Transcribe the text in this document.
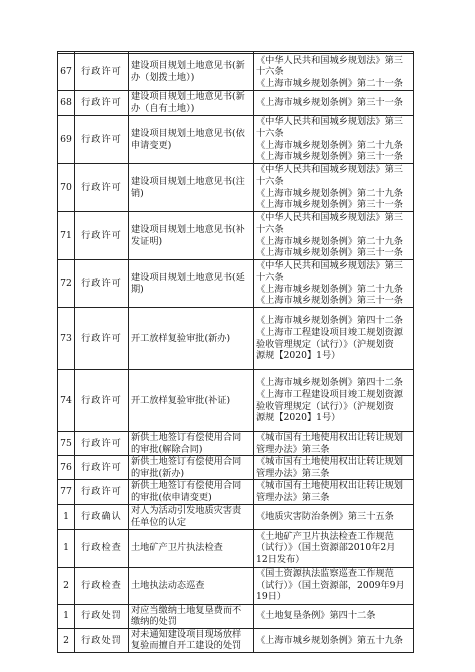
67	行政许可	建设项目规划土地意见书(新
办（划拨土地）)	《中华人民共和国城乡规划法》第三
十六条
《上海市城乡规划条例》第二十一条

68	行政许可	建设项目规划土地意见书(新
办（自有土地）)	《上海市城乡规划条例》第三十一条

69	行政许可	建设项目规划土地意见书(依
申请变更)	《中华人民共和国城乡规划法》第三
十六条
《上海市城乡规划条例》第二十九条
《上海市城乡规划条例》第三十一条

70	行政许可	建设项目规划土地意见书(注
销)	《中华人民共和国城乡规划法》第三
十六条
《上海市城乡规划条例》第二十九条
《上海市城乡规划条例》第三十一条

71	行政许可	建设项目规划土地意见书(补
发证明)	《中华人民共和国城乡规划法》第三
十六条
《上海市城乡规划条例》第二十九条
《上海市城乡规划条例》第三十一条

72	行政许可	建设项目规划土地意见书(延
期)	《中华人民共和国城乡规划法》第三
十六条
《上海市城乡规划条例》第二十九条
《上海市城乡规划条例》第三十一条

73	行政许可	开工放样复验审批(新办)	《上海市城乡规划条例》第四十二条
《上海市工程建设项目竣工规划资源
验收管理规定（试行）》（沪规划资
源规【2020】1号）

74	行政许可	开工放样复验审批(补证)	《上海市城乡规划条例》第四十二条
《上海市工程建设项目竣工规划资源
验收管理规定（试行）》（沪规划资
源规【2020】1号）

75	行政许可	新供土地签订有偿使用合同
的审批(解除合同)	《城市国有土地使用权出让转让规划
管理办法》第三条

76	行政许可	新供土地签订有偿使用合同
的审批(新办)	《城市国有土地使用权出让转让规划
管理办法》第三条

77	行政许可	新供土地签订有偿使用合同
的审批(依申请变更)	《城市国有土地使用权出让转让规划
管理办法》第三条

1	行政确认	对人为活动引发地质灾害责
任单位的认定	《地质灾害防治条例》第三十五条

1	行政检查	土地矿产卫片执法检查	《土地矿产卫片执法检查工作规范
（试行）》（国土资源部2010年2月
12日发布）

2	行政检查	土地执法动态巡查	《国土资源执法监察巡查工作规范
（试行）》（国土资源部，2009年9月
19日）

1	行政处罚	对应当缴纳土地复垦费而不
缴纳的处罚	《土地复垦条例》第四十二条

2	行政处罚	对未通知建设项目现场放样
复验而擅自开工建设的处罚	《上海市城乡规划条例》第五十九条
